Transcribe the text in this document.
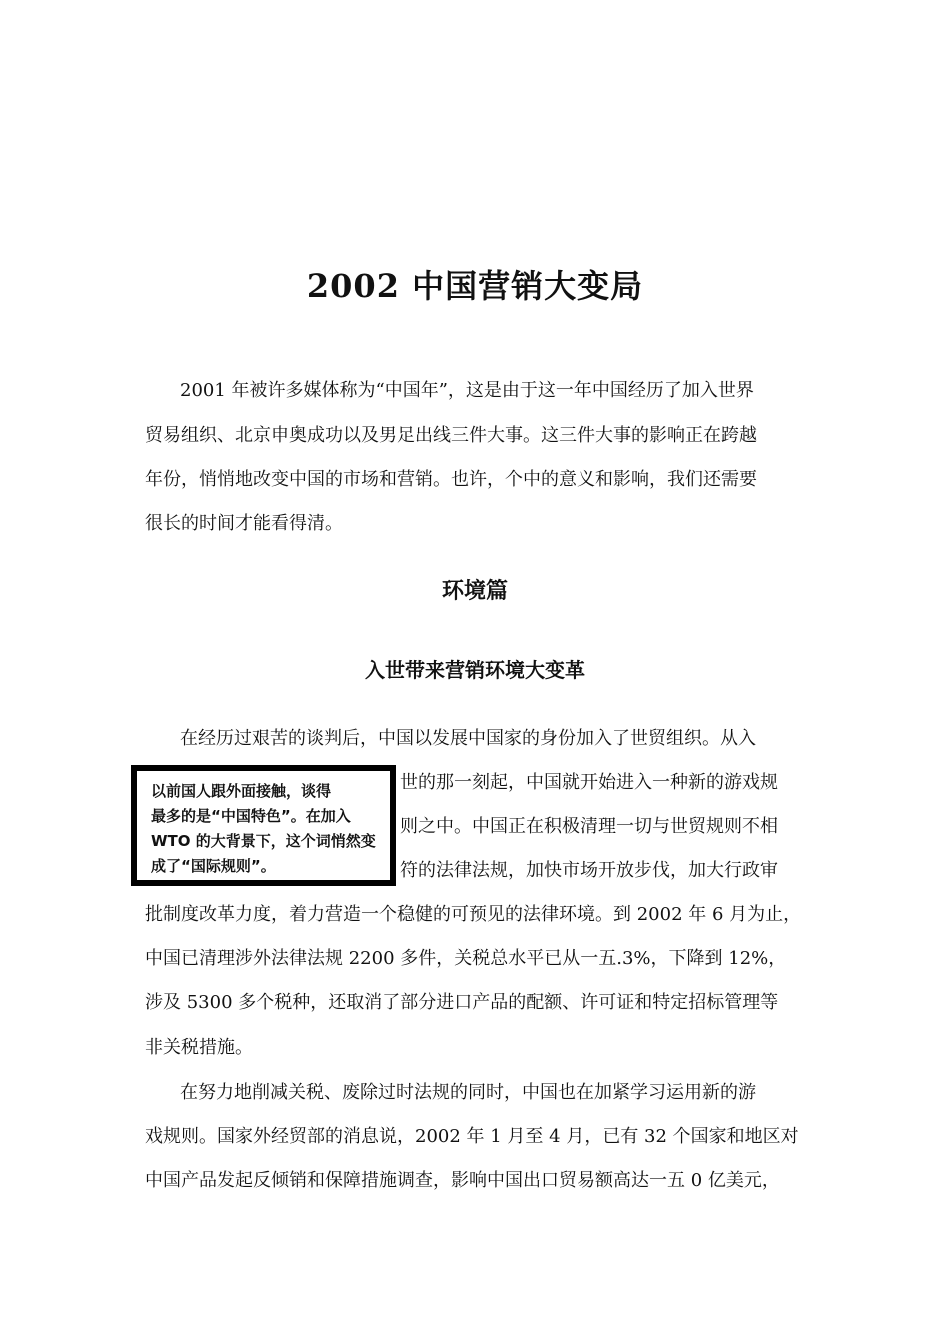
2002 中国营销大变局
2001 年被许多媒体称为“中国年”，这是由于这一年中国经历了加入世界
贸易组织、北京申奥成功以及男足出线三件大事。这三件大事的影响正在跨越
年份，悄悄地改变中国的市场和营销。也许，个中的意义和影响，我们还需要
很长的时间才能看得清。
环境篇
入世带来营销环境大变革
在经历过艰苦的谈判后，中国以发展中国家的身份加入了世贸组织。从入
世的那一刻起，中国就开始进入一种新的游戏规
则之中。中国正在积极清理一切与世贸规则不相
符的法律法规，加快市场开放步伐，加大行政审
批制度改革力度，着力营造一个稳健的可预见的法律环境。到 2002 年 6 月为止，
中国已清理涉外法律法规 2200 多件，关税总水平已从一五.3%，下降到 12%，
涉及 5300 多个税种，还取消了部分进口产品的配额、许可证和特定招标管理等
非关税措施。
以前国人跟外面接触，谈得
最多的是“中国特色”。在加入
WTO 的大背景下，这个词悄然变
成了“国际规则”。
在努力地削减关税、废除过时法规的同时，中国也在加紧学习运用新的游
戏规则。国家外经贸部的消息说，2002 年 1 月至 4 月，已有 32 个国家和地区对
中国产品发起反倾销和保障措施调查，影响中国出口贸易额高达一五 0 亿美元，
